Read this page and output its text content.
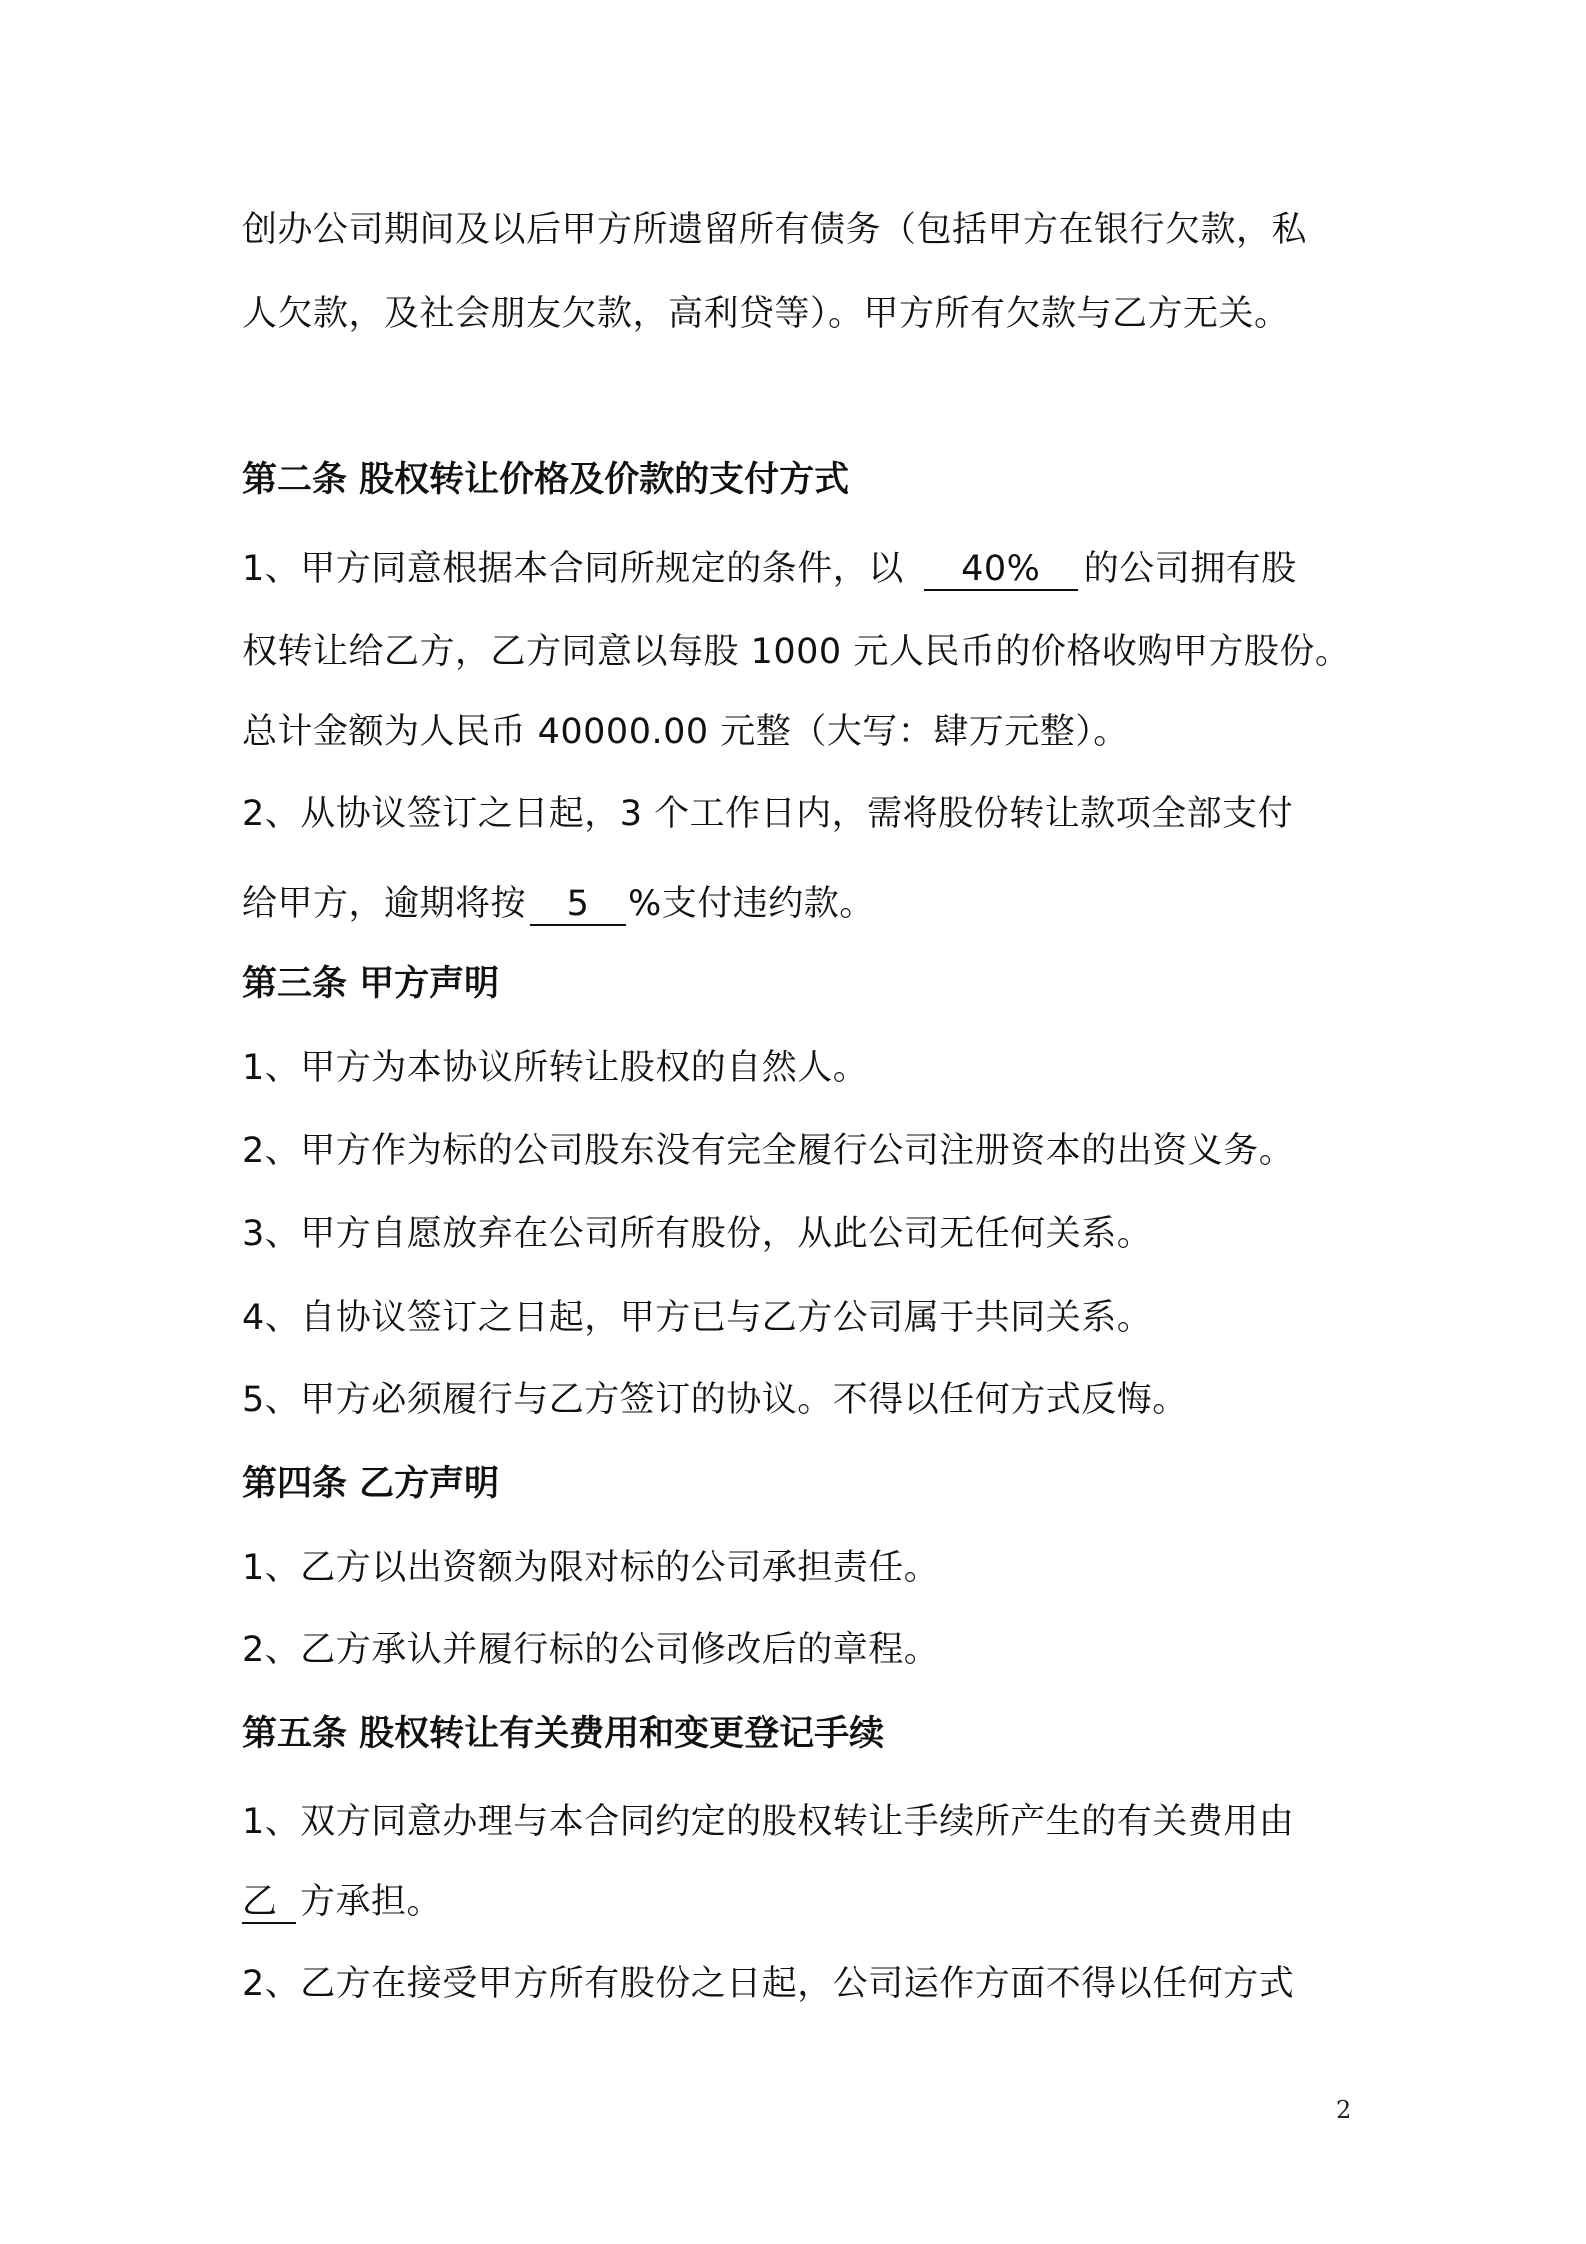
创办公司期间及以后甲方所遗留所有债务（包括甲方在银行欠款，私
人欠款，及社会朋友欠款，高利贷等）。甲方所有欠款与乙方无关。
第二条 股权转让价格及价款的支付方式
1、甲方同意根据本合同所规定的条件，以 40% 的公司拥有股
权转让给乙方，乙方同意以每股 1000 元人民币的价格收购甲方股份。
总计金额为人民币 40000.00 元整（大写：肆万元整）。
2、从协议签订之日起，3 个工作日内，需将股份转让款项全部支付
给甲方，逾期将按 5 %支付违约款。
第三条 甲方声明
1、甲方为本协议所转让股权的自然人。
2、甲方作为标的公司股东没有完全履行公司注册资本的出资义务。
3、甲方自愿放弃在公司所有股份，从此公司无任何关系。
4、自协议签订之日起，甲方已与乙方公司属于共同关系。
5、甲方必须履行与乙方签订的协议。不得以任何方式反悔。
第四条 乙方声明
1、乙方以出资额为限对标的公司承担责任。
2、乙方承认并履行标的公司修改后的章程。
第五条 股权转让有关费用和变更登记手续
1、双方同意办理与本合同约定的股权转让手续所产生的有关费用由
乙 方承担。
2、乙方在接受甲方所有股份之日起，公司运作方面不得以任何方式
2
